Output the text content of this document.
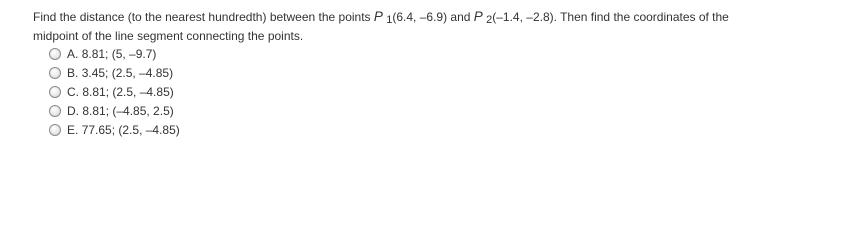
Find the distance (to the nearest hundredth) between the points P 1(6.4, –6.9) and P 2(–1.4, –2.8). Then find the coordinates of the
midpoint of the line segment connecting the points.
A.
8.81; (5, –9.7)
B.
3.45; (2.5, –4.85)
C.
8.81; (2.5, –4.85)
D.
8.81; (–4.85, 2.5)
E.
77.65; (2.5, –4.85)
